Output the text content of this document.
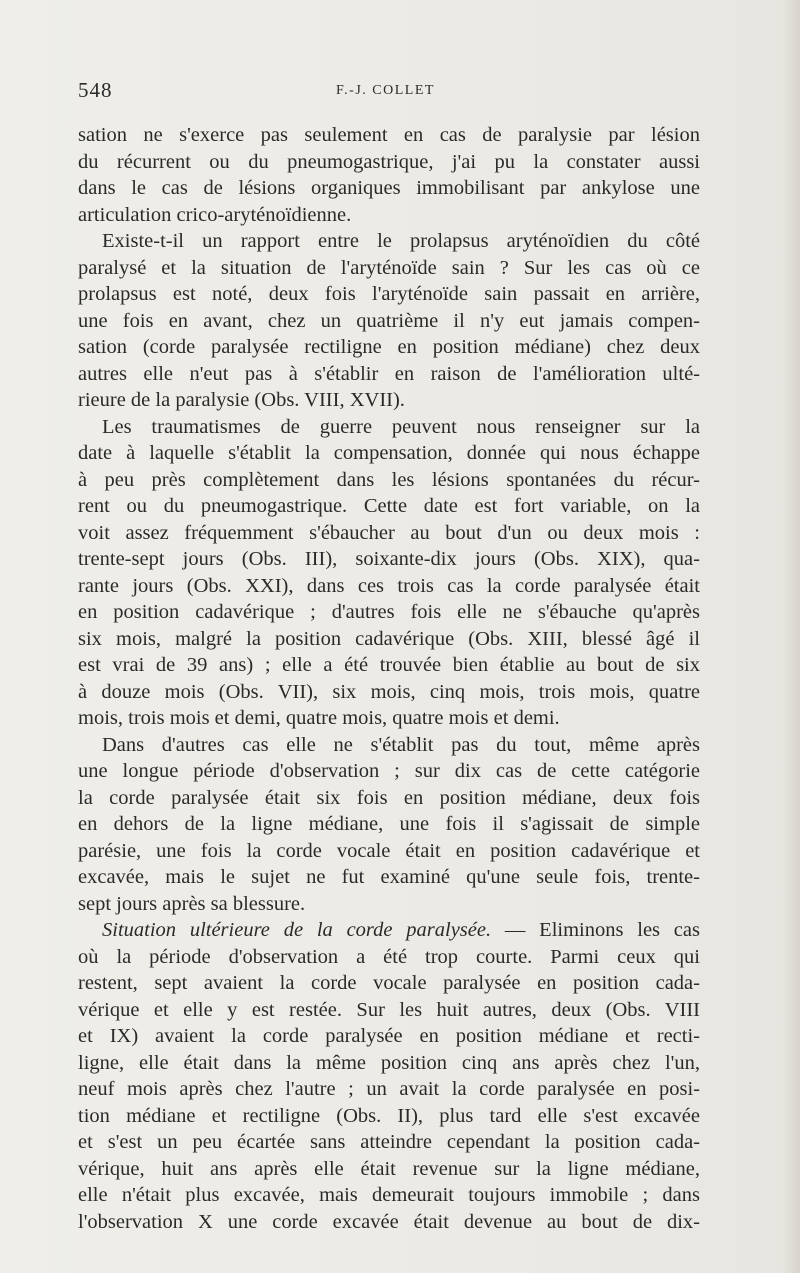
548	F.-J. COLLET
sation ne s'exerce pas seulement en cas de paralysie par lésion
du récurrent ou du pneumogastrique, j'ai pu la constater aussi
dans le cas de lésions organiques immobilisant par ankylose une
articulation crico-aryténoïdienne.
Existe-t-il un rapport entre le prolapsus aryténoïdien du côté
paralysé et la situation de l'aryténoïde sain ? Sur les cas où ce
prolapsus est noté, deux fois l'aryténoïde sain passait en arrière,
une fois en avant, chez un quatrième il n'y eut jamais compen-
sation (corde paralysée rectiligne en position médiane) chez deux
autres elle n'eut pas à s'établir en raison de l'amélioration ulté-
rieure de la paralysie (Obs. VIII, XVII).
Les traumatismes de guerre peuvent nous renseigner sur la
date à laquelle s'établit la compensation, donnée qui nous échappe
à peu près complètement dans les lésions spontanées du récur-
rent ou du pneumogastrique. Cette date est fort variable, on la
voit assez fréquemment s'ébaucher au bout d'un ou deux mois :
trente-sept jours (Obs. III), soixante-dix jours (Obs. XIX), qua-
rante jours (Obs. XXI), dans ces trois cas la corde paralysée était
en position cadavérique ; d'autres fois elle ne s'ébauche qu'après
six mois, malgré la position cadavérique (Obs. XIII, blessé âgé il
est vrai de 39 ans) ; elle a été trouvée bien établie au bout de six
à douze mois (Obs. VII), six mois, cinq mois, trois mois, quatre
mois, trois mois et demi, quatre mois, quatre mois et demi.
Dans d'autres cas elle ne s'établit pas du tout, même après
une longue période d'observation ; sur dix cas de cette catégorie
la corde paralysée était six fois en position médiane, deux fois
en dehors de la ligne médiane, une fois il s'agissait de simple
parésie, une fois la corde vocale était en position cadavérique et
excavée, mais le sujet ne fut examiné qu'une seule fois, trente-
sept jours après sa blessure.
Situation ultérieure de la corde paralysée. — Eliminons les cas
où la période d'observation a été trop courte. Parmi ceux qui
restent, sept avaient la corde vocale paralysée en position cada-
vérique et elle y est restée. Sur les huit autres, deux (Obs. VIII
et IX) avaient la corde paralysée en position médiane et recti-
ligne, elle était dans la même position cinq ans après chez l'un,
neuf mois après chez l'autre ; un avait la corde paralysée en posi-
tion médiane et rectiligne (Obs. II), plus tard elle s'est excavée
et s'est un peu écartée sans atteindre cependant la position cada-
vérique, huit ans après elle était revenue sur la ligne médiane,
elle n'était plus excavée, mais demeurait toujours immobile ; dans
l'observation X une corde excavée était devenue au bout de dix-
